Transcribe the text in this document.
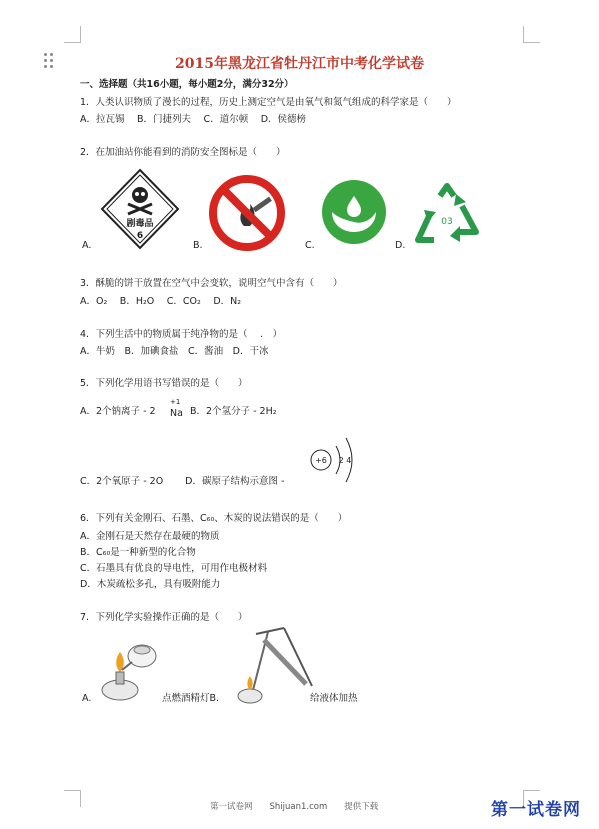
2015年黑龙江省牡丹江市中考化学试卷
一、选择题（共16小题，每小题2分，满分32分）
1．人类认识物质了漫长的过程，历史上测定空气是由氧气和氮气组成的科学家是（　　）
A．拉瓦锡　 B．门捷列夫　 C．道尔顿　 D．侯德榜
2．在加油站你能看到的消防安全图标是（　　）
剧毒品
6
A.	B.	C.
03
D.
3．酥脆的饼干放置在空气中会变软，说明空气中含有（　　）
A．O₂　 B．H₂O　 C．CO₂　 D．N₂
4．下列生活中的物质属于纯净物的是（　 .　）
A．牛奶　B．加碘食盐　C．酱油　D．干冰
5．下列化学用语书写错误的是（　　）
A．2个钠离子 - 2
+1
Na B．2个氢分子 - 2H₂
+6 2 4
C．2个氧原子 - 2O　　 D．碳原子结构示意图 -
6．下列有关金刚石、石墨、C₆₀、木炭的说法错误的是（　　）
A．金刚石是天然存在最硬的物质
B．C₆₀是一种新型的化合物
C．石墨具有优良的导电性，可用作电极材料
D．木炭疏松多孔，具有吸附能力
7．下列化学实验操作正确的是（　　）
A.	点燃酒精灯B.	给液体加热
第一试卷网　　Shijuan1.com　　提供下载	第一试卷网
